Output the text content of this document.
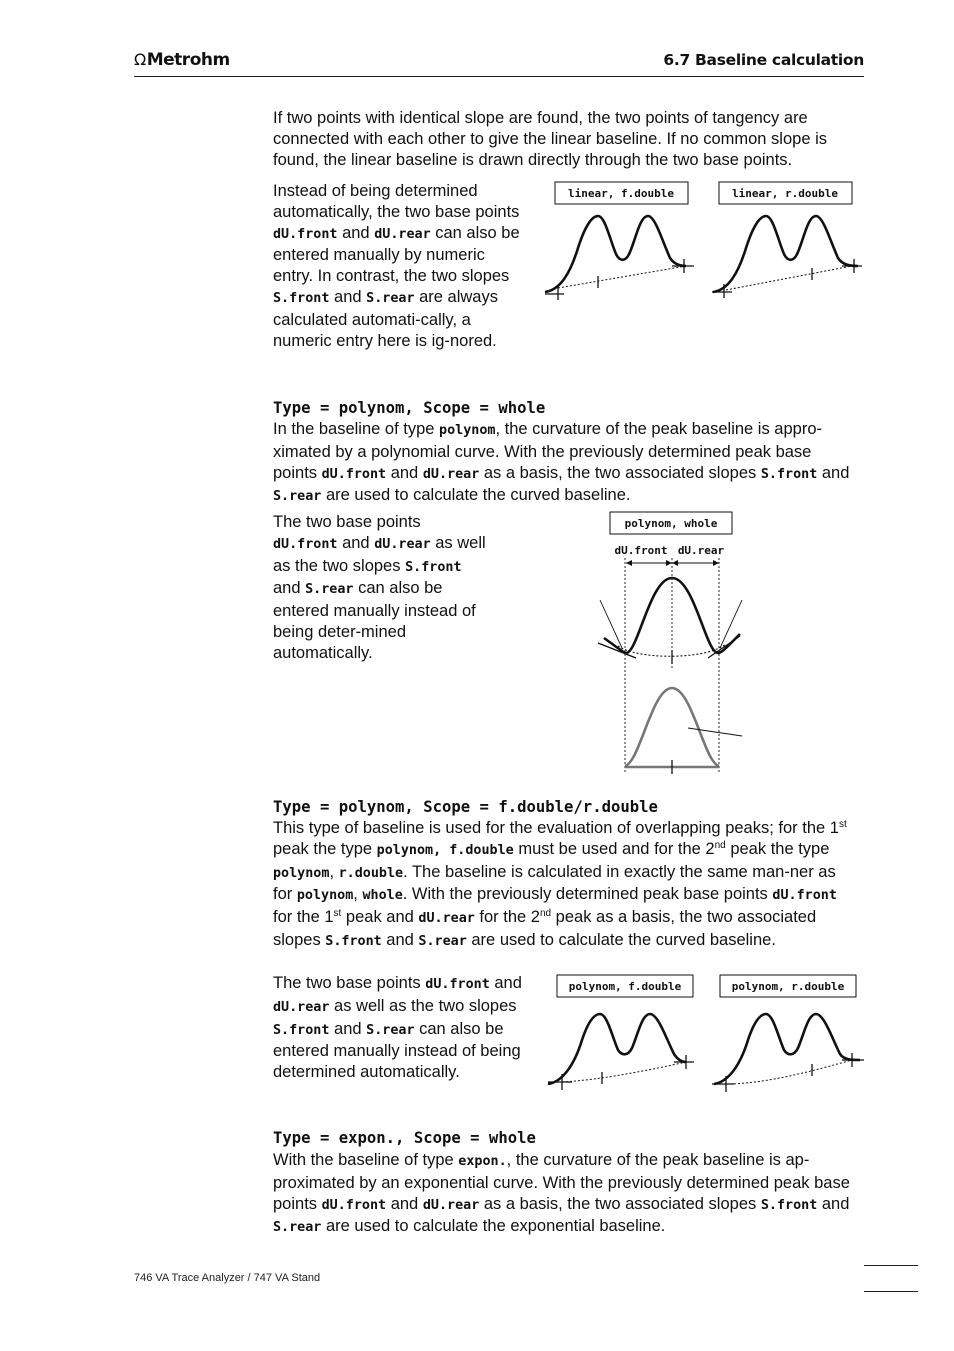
ΩMetrohm	6.7 Baseline calculation

If two points with identical slope are found, the two points of tangency are connected with each other to give the linear baseline. If no common slope is found, the linear baseline is drawn directly through the two base points.

Instead of being determined automatically, the two base points dU.front and dU.rear can also be entered manually by numeric entry. In contrast, the two slopes S.front and S.rear are always calculated automati-cally, a numeric entry here is ig-nored.

linear, f.double	linear, r.double

Type = polynom, Scope = whole

In the baseline of type polynom, the curvature of the peak baseline is appro-ximated by a polynomial curve. With the previously determined peak base points dU.front and dU.rear as a basis, the two associated slopes S.front and S.rear are used to calculate the curved baseline.

The two base points dU.front and dU.rear as well as the two slopes S.front and S.rear can also be entered manually instead of being deter-mined automatically.

polynom, whole
dU.front dU.rear

Type = polynom, Scope = f.double/r.double

This type of baseline is used for the evaluation of overlapping peaks; for the 1st peak the type polynom, f.double must be used and for the 2nd peak the type polynom, r.double. The baseline is calculated in exactly the same man-ner as for polynom, whole. With the previously determined peak base points dU.front for the 1st peak and dU.rear for the 2nd peak as a basis, the two associated slopes S.front and S.rear are used to calculate the curved baseline.

The two base points dU.front and dU.rear as well as the two slopes S.front and S.rear can also be entered manually instead of being determined automatically.

polynom, f.double	polynom, r.double

Type = expon., Scope = whole

With the baseline of type expon., the curvature of the peak baseline is ap-proximated by an exponential curve. With the previously determined peak base points dU.front and dU.rear as a basis, the two associated slopes S.front and S.rear are used to calculate the exponential baseline.

746 VA Trace Analyzer / 747 VA Stand
